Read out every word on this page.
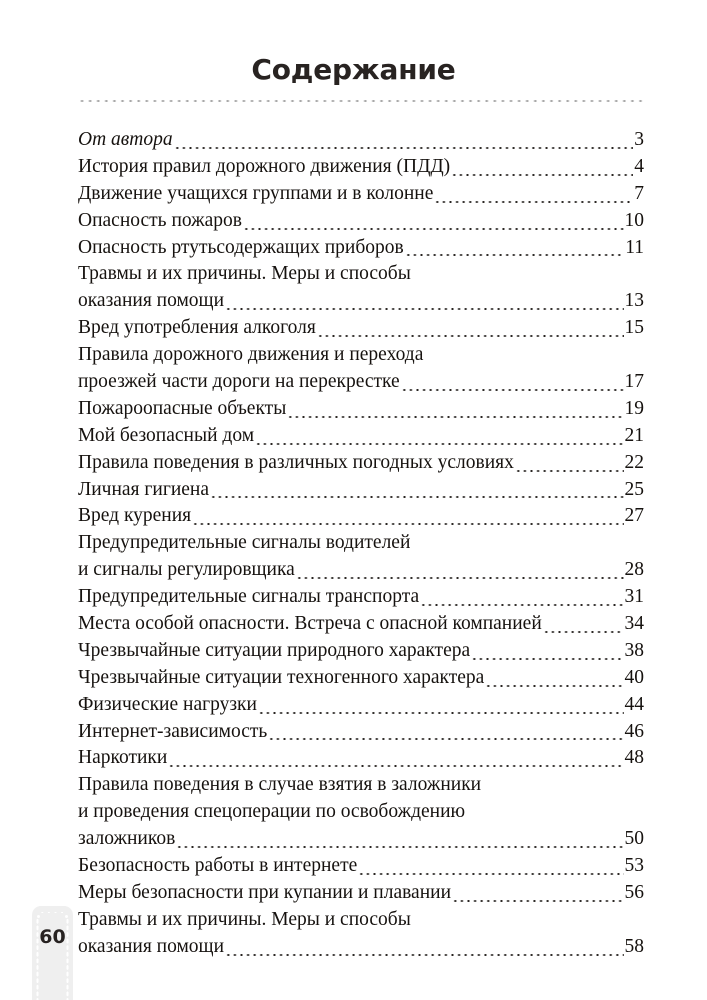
Содержание
От автора	3
История правил дорожного движения (ПДД)	4
Движение учащихся группами и в колонне	7
Опасность пожаров	10
Опасность ртутьсодержащих приборов	11
Травмы и их причины. Меры и способы
оказания помощи	13
Вред употребления алкоголя	15
Правила дорожного движения и перехода
проезжей части дороги на перекрестке	17
Пожароопасные объекты	19
Мой безопасный дом	21
Правила поведения в различных погодных условиях	22
Личная гигиена	25
Вред курения	27
Предупредительные сигналы водителей
и сигналы регулировщика	28
Предупредительные сигналы транспорта	31
Места особой опасности. Встреча с опасной компанией	34
Чрезвычайные ситуации природного характера	38
Чрезвычайные ситуации техногенного характера	40
Физические нагрузки	44
Интернет-зависимость	46
Наркотики	48
Правила поведения в случае взятия в заложники
и проведения спецоперации по освобождению
заложников	50
Безопасность работы в интернете	53
Меры безопасности при купании и плавании	56
Травмы и их причины. Меры и способы
оказания помощи	58
60
